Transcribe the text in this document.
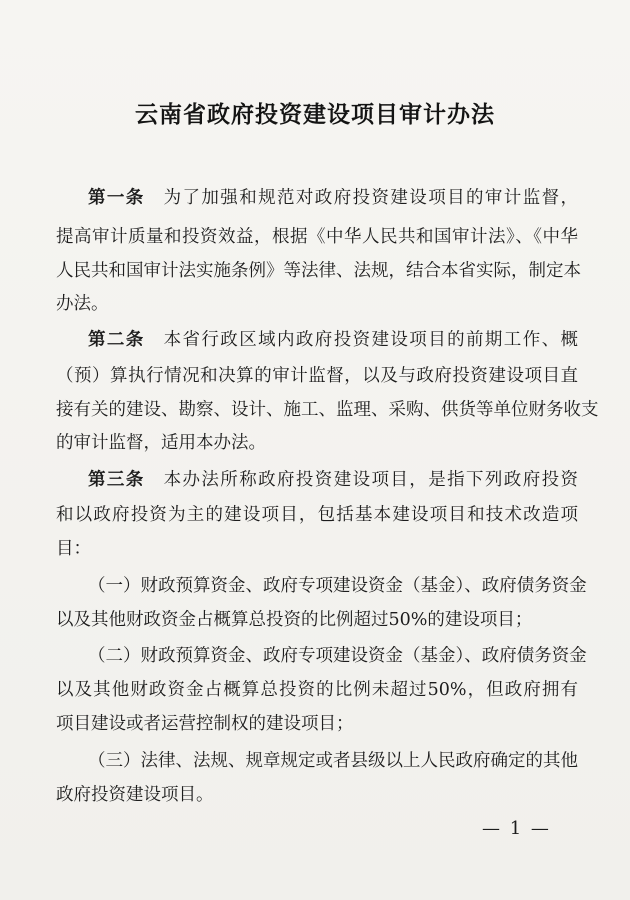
云南省政府投资建设项目审计办法
第一条　 为了加强和规范对政府投资建设项目的审计监督，
提高审计质量和投资效益，根据《中华人民共和国审计法》、《中华
人民共和国审计法实施条例》等法律、法规，结合本省实际，制定本
办法。
第二条　 本省行政区域内政府投资建设项目的前期工作、概
（预）算执行情况和决算的审计监督，以及与政府投资建设项目直
接有关的建设、勘察、设计、施工、监理、采购、供货等单位财务收支
的审计监督，适用本办法。
第三条　 本办法所称政府投资建设项目，是指下列政府投资
和以政府投资为主的建设项目，包括基本建设项目和技术改造项
目：
（一）财政预算资金、政府专项建设资金（基金）、政府债务资金
以及其他财政资金占概算总投资的比例超过50%的建设项目；
（二）财政预算资金、政府专项建设资金（基金）、政府债务资金
以及其他财政资金占概算总投资的比例未超过50%，但政府拥有
项目建设或者运营控制权的建设项目；
（三）法律、法规、规章规定或者县级以上人民政府确定的其他
政府投资建设项目。
— 1 —
